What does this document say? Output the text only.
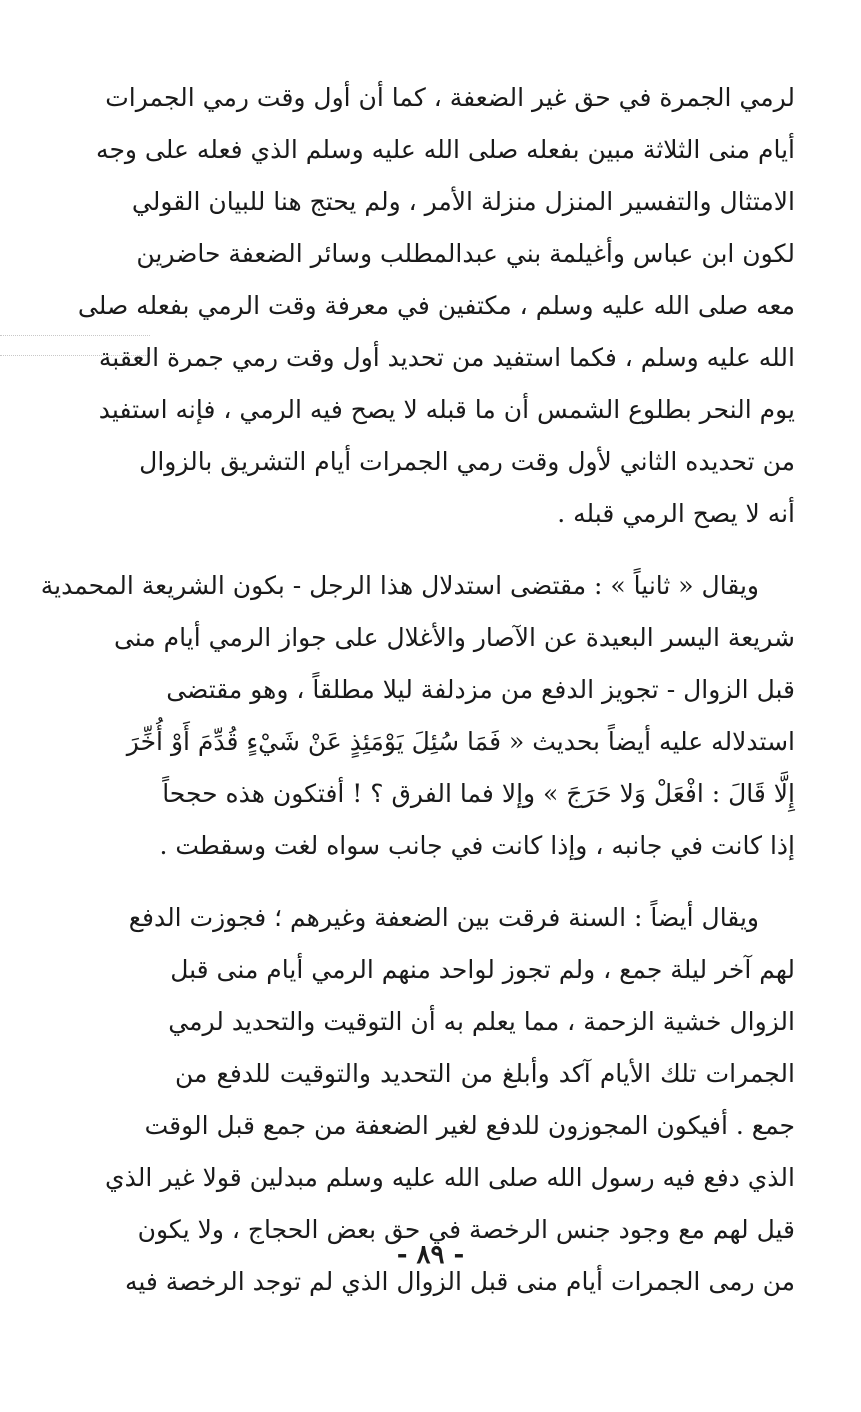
لرمي الجمرة في حق غير الضعفة ، كما أن أول وقت رمي الجمرات
أيام منى الثلاثة مبين بفعله صلى الله عليه وسلم الذي فعله على وجه
الامتثال والتفسير المنزل منزلة الأمر ، ولم يحتج هنا للبيان القولي
لكون ابن عباس وأغيلمة بني عبدالمطلب وسائر الضعفة حاضرين
معه صلى الله عليه وسلم ، مكتفين في معرفة وقت الرمي بفعله صلى
الله عليه وسلم ، فكما استفيد من تحديد أول وقت رمي جمرة العقبة
يوم النحر بطلوع الشمس أن ما قبله لا يصح فيه الرمي ، فإنه استفيد
من تحديده الثاني لأول وقت رمي الجمرات أيام التشريق بالزوال
أنه لا يصح الرمي قبله .
ويقال « ثانياً » : مقتضى استدلال هذا الرجل - بكون الشريعة المحمدية
شريعة اليسر البعيدة عن الآصار والأغلال على جواز الرمي أيام منى
قبل الزوال - تجويز الدفع من مزدلفة ليلا مطلقاً ، وهو مقتضى
استدلاله عليه أيضاً بحديث « فَمَا سُئِلَ يَوْمَئِذٍ عَنْ شَيْءٍ قُدِّمَ أَوْ أُخِّرَ
إِلَّا قَالَ : افْعَلْ وَلا حَرَجَ » وإلا فما الفرق ؟ ! أفتكون هذه حجحاً
إذا كانت في جانبه ، وإذا كانت في جانب سواه لغت وسقطت .
ويقال أيضاً : السنة فرقت بين الضعفة وغيرهم ؛ فجوزت الدفع
لهم آخر ليلة جمع ، ولم تجوز لواحد منهم الرمي أيام منى قبل
الزوال خشية الزحمة ، مما يعلم به أن التوقيت والتحديد لرمي
الجمرات تلك الأيام آكد وأبلغ من التحديد والتوقيت للدفع من
جمع . أفيكون المجوزون للدفع لغير الضعفة من جمع قبل الوقت
الذي دفع فيه رسول الله صلى الله عليه وسلم مبدلين قولا غير الذي
قيل لهم مع وجود جنس الرخصة في حق بعض الحجاج ، ولا يكون
من رمى الجمرات أيام منى قبل الزوال الذي لم توجد الرخصة فيه
- ٨٩ -
